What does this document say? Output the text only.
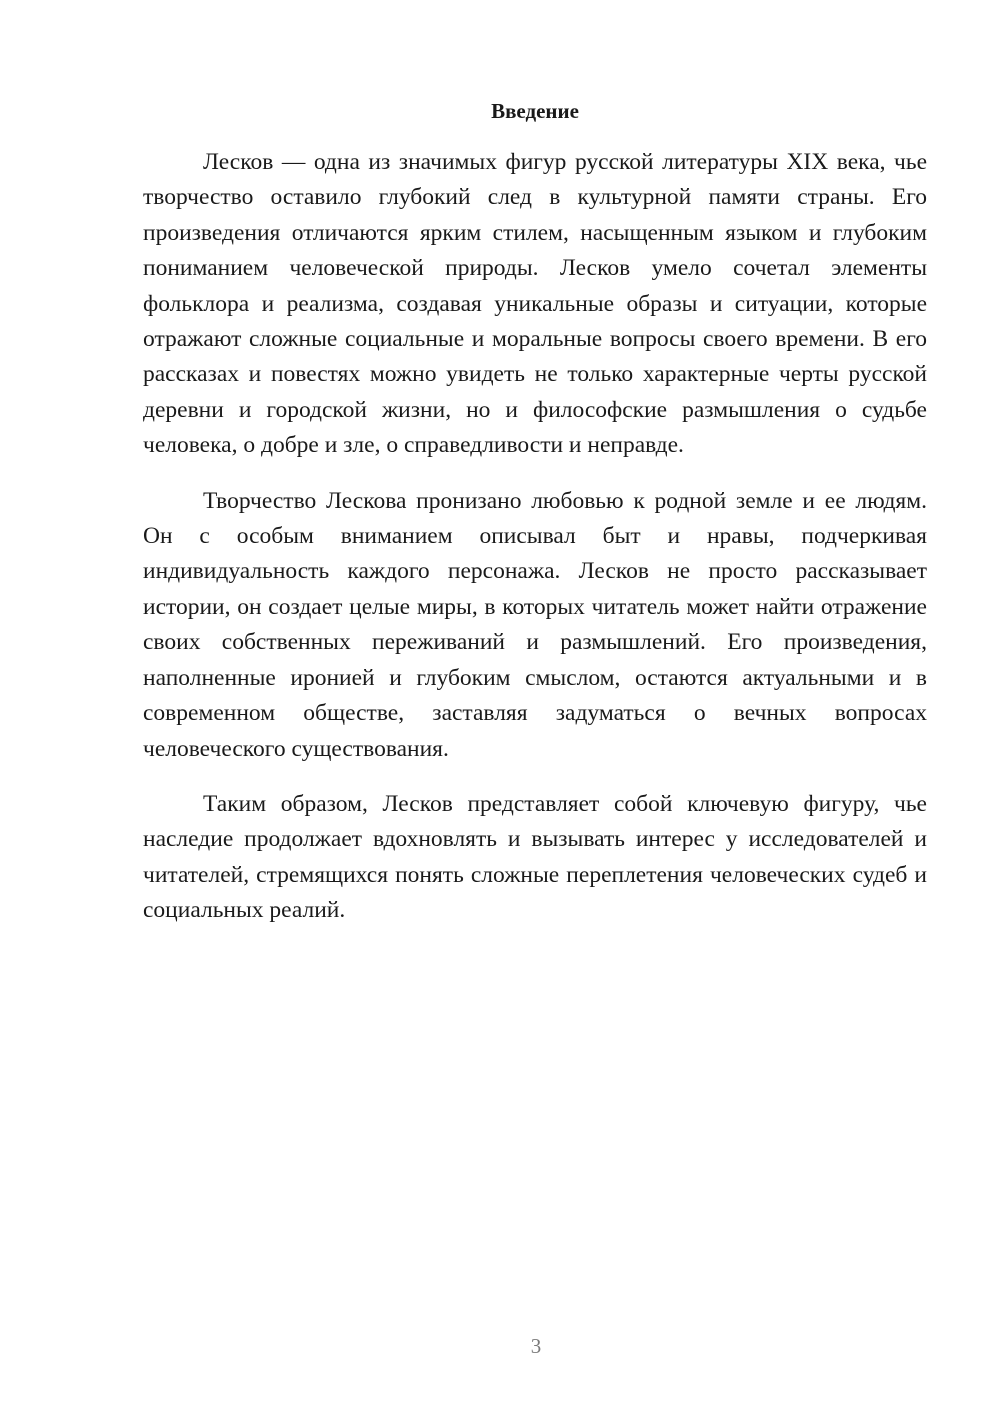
Введение

Лесков — одна из значимых фигур русской литературы XIX века, чье творчество оставило глубокий след в культурной памяти страны. Его произведения отличаются ярким стилем, насыщенным языком и глубоким пониманием человеческой природы. Лесков умело сочетал элементы фольклора и реализма, создавая уникальные образы и ситуации, которые отражают сложные социальные и моральные вопросы своего времени. В его рассказах и повестях можно увидеть не только характерные черты русской деревни и городской жизни, но и философские размышления о судьбе человека, о добре и зле, о справедливости и неправде.

Творчество Лескова пронизано любовью к родной земле и ее людям. Он с особым вниманием описывал быт и нравы, подчеркивая индивидуальность каждого персонажа. Лесков не просто рассказывает истории, он создает целые миры, в которых читатель может найти отражение своих собственных переживаний и размышлений. Его произведения, наполненные иронией и глубоким смыслом, остаются актуальными и в современном обществе, заставляя задуматься о вечных вопросах человеческого существования.

Таким образом, Лесков представляет собой ключевую фигуру, чье наследие продолжает вдохновлять и вызывать интерес у исследователей и читателей, стремящихся понять сложные переплетения человеческих судеб и социальных реалий.

3
